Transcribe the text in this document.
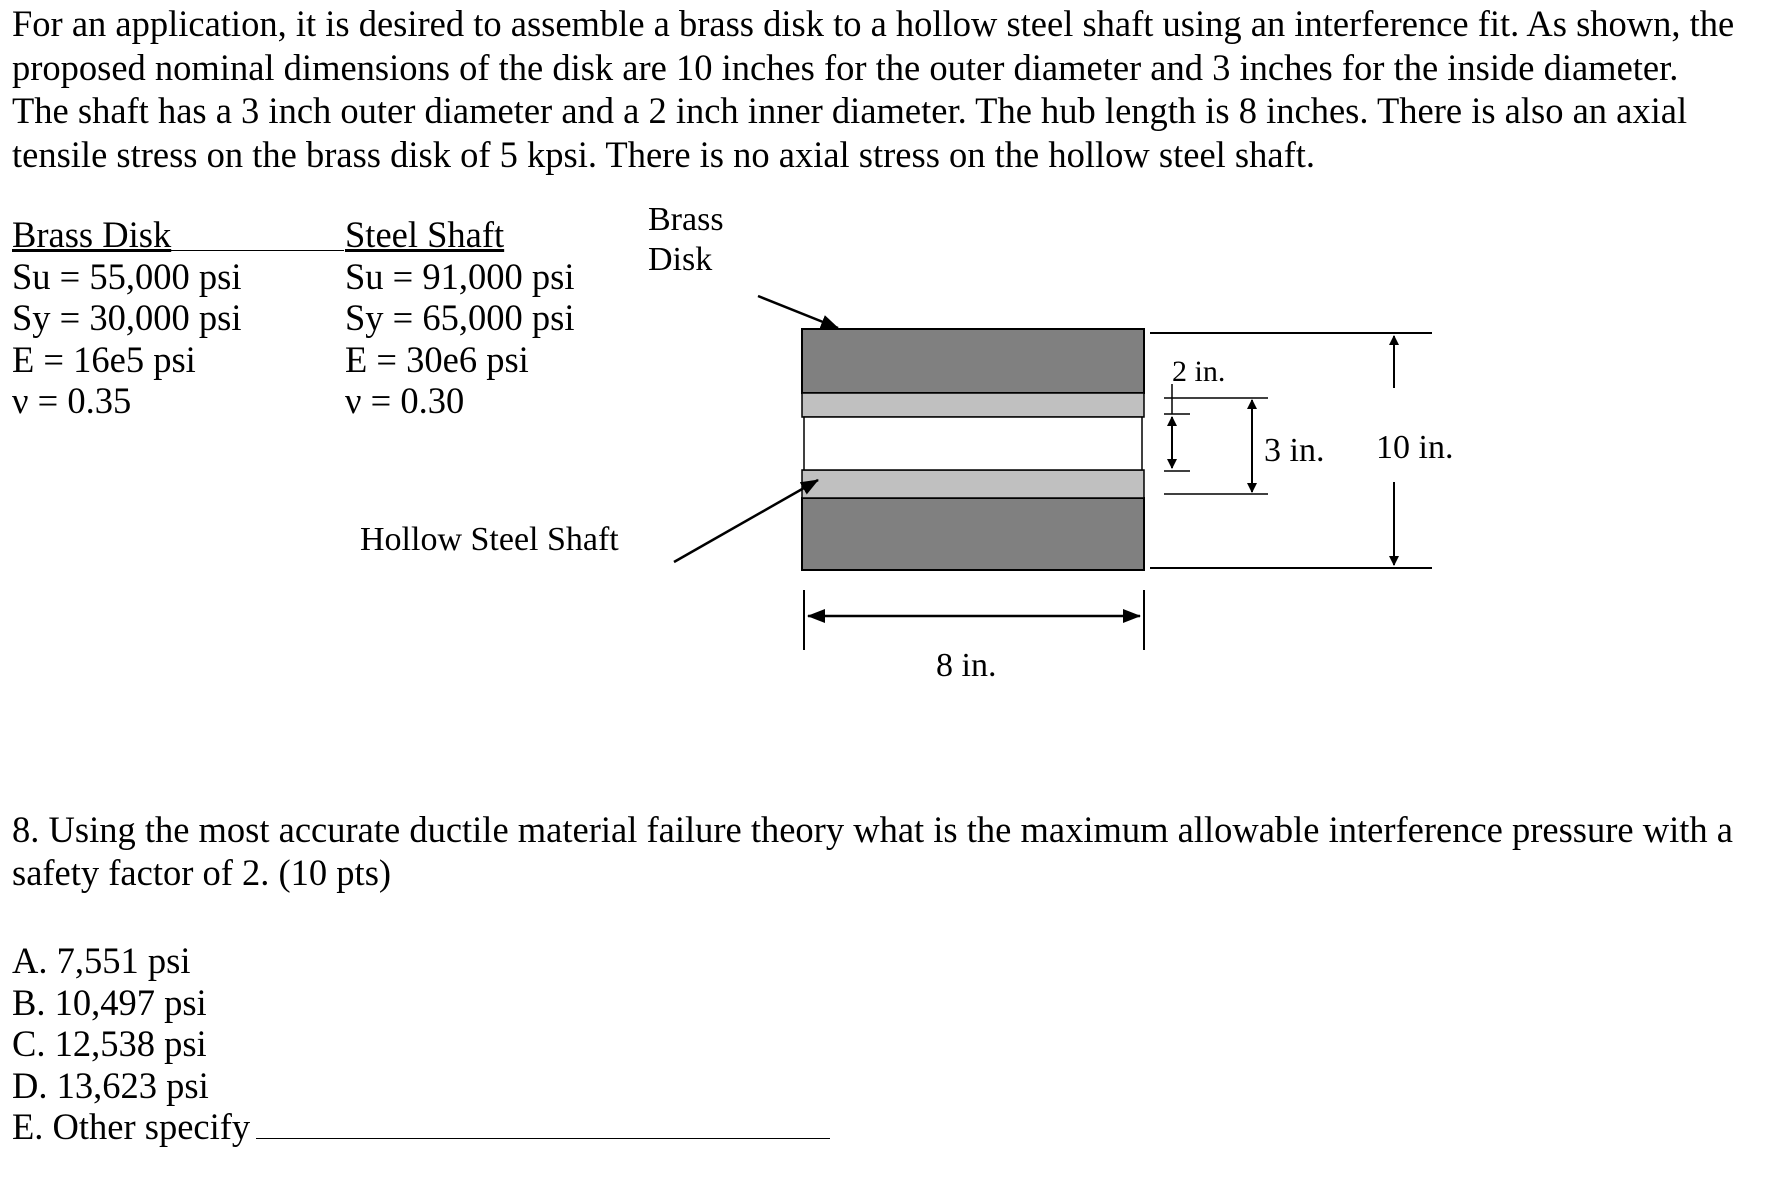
For an application, it is desired to assemble a brass disk to a hollow steel shaft using an interference fit. As shown, the
proposed nominal dimensions of the disk are 10 inches for the outer diameter and 3 inches for the inside diameter.
The shaft has a 3 inch outer diameter and a 2 inch inner diameter. The hub length is 8 inches. There is also an axial
tensile stress on the brass disk of 5 kpsi. There is no axial stress on the hollow steel shaft.
Brass Disk
Su = 55,000 psi
Sy = 30,000 psi
E = 16e5 psi
ν = 0.35
Steel Shaft
Su = 91,000 psi
Sy = 65,000 psi
E = 30e6 psi
ν = 0.30
Brass
Disk
Hollow Steel Shaft
2 in.
3 in. 10 in.
8 in.
8. Using the most accurate ductile material failure theory what is the maximum allowable interference pressure with a
safety factor of 2. (10 pts)
A. 7,551 psi
B. 10,497 psi
C. 12,538 psi
D. 13,623 psi
E. Other specify
